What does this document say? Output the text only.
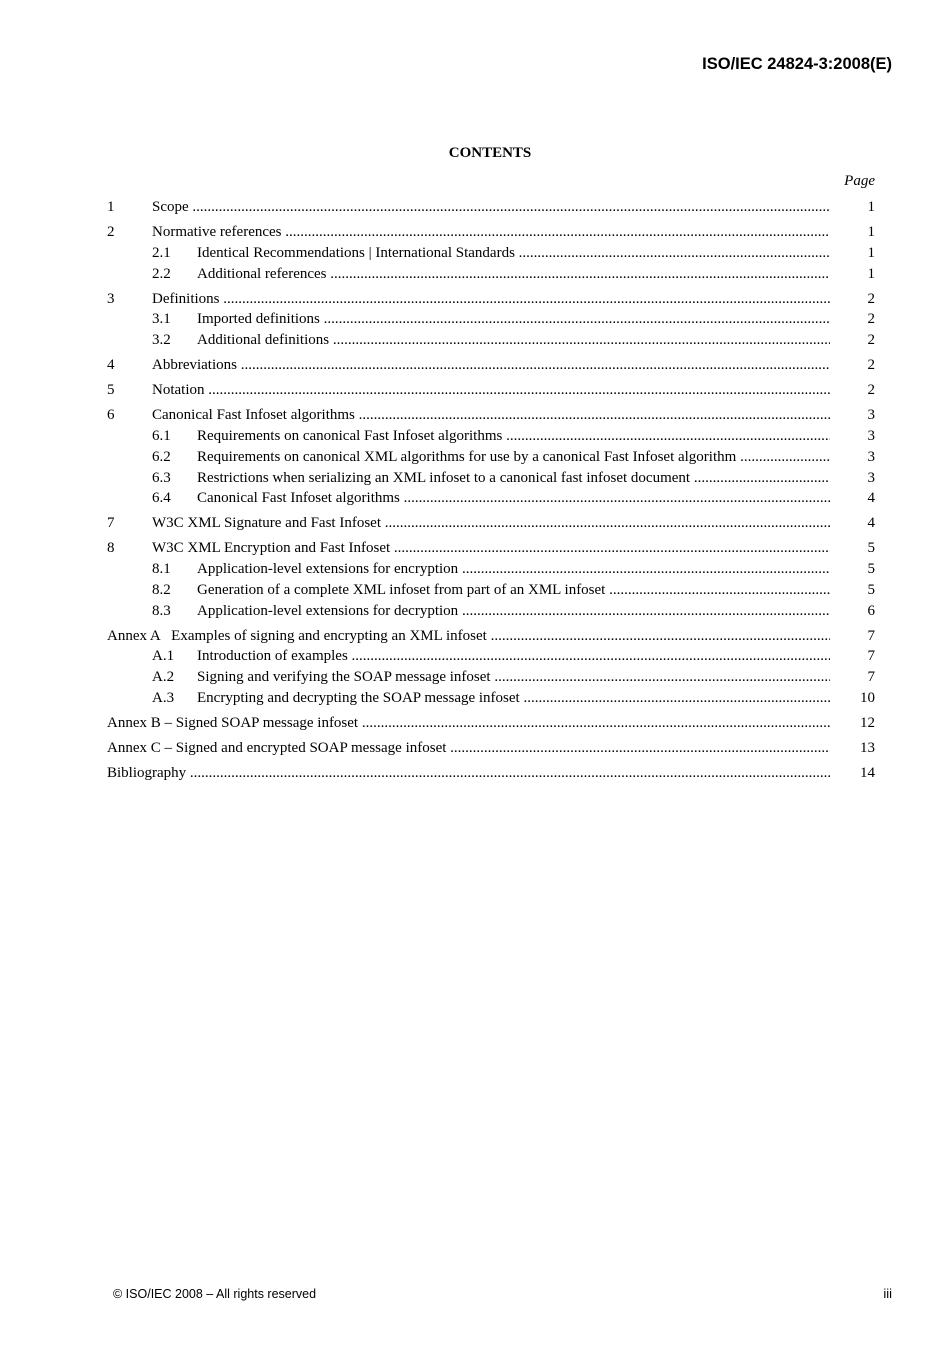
ISO/IEC 24824-3:2008(E)
CONTENTS
Page
1	Scope .....	1
2	Normative references .....	1
2.1 Identical Recommendations | International Standards .....	1
2.2 Additional references .....	1
3	Definitions .....	2
3.1 Imported definitions .....	2
3.2 Additional definitions .....	2
4	Abbreviations .....	2
5	Notation .....	2
6	Canonical Fast Infoset algorithms .....	3
6.1 Requirements on canonical Fast Infoset algorithms .....	3
6.2 Requirements on canonical XML algorithms for use by a canonical Fast Infoset algorithm .....	3
6.3 Restrictions when serializing an XML infoset to a canonical fast infoset document .....	3
6.4 Canonical Fast Infoset algorithms .....	4
7	W3C XML Signature and Fast Infoset .....	4
8	W3C XML Encryption and Fast Infoset .....	5
8.1 Application-level extensions for encryption .....	5
8.2 Generation of a complete XML infoset from part of an XML infoset .....	5
8.3 Application-level extensions for decryption .....	6
Annex A   Examples of signing and encrypting an XML infoset .....	7
A.1 Introduction of examples .....	7
A.2 Signing and verifying the SOAP message infoset .....	7
A.3 Encrypting and decrypting the SOAP message infoset .....	10
Annex B – Signed SOAP message infoset .....	12
Annex C – Signed and encrypted SOAP message infoset .....	13
Bibliography .....	14
© ISO/IEC 2008 – All rights reserved	iii
